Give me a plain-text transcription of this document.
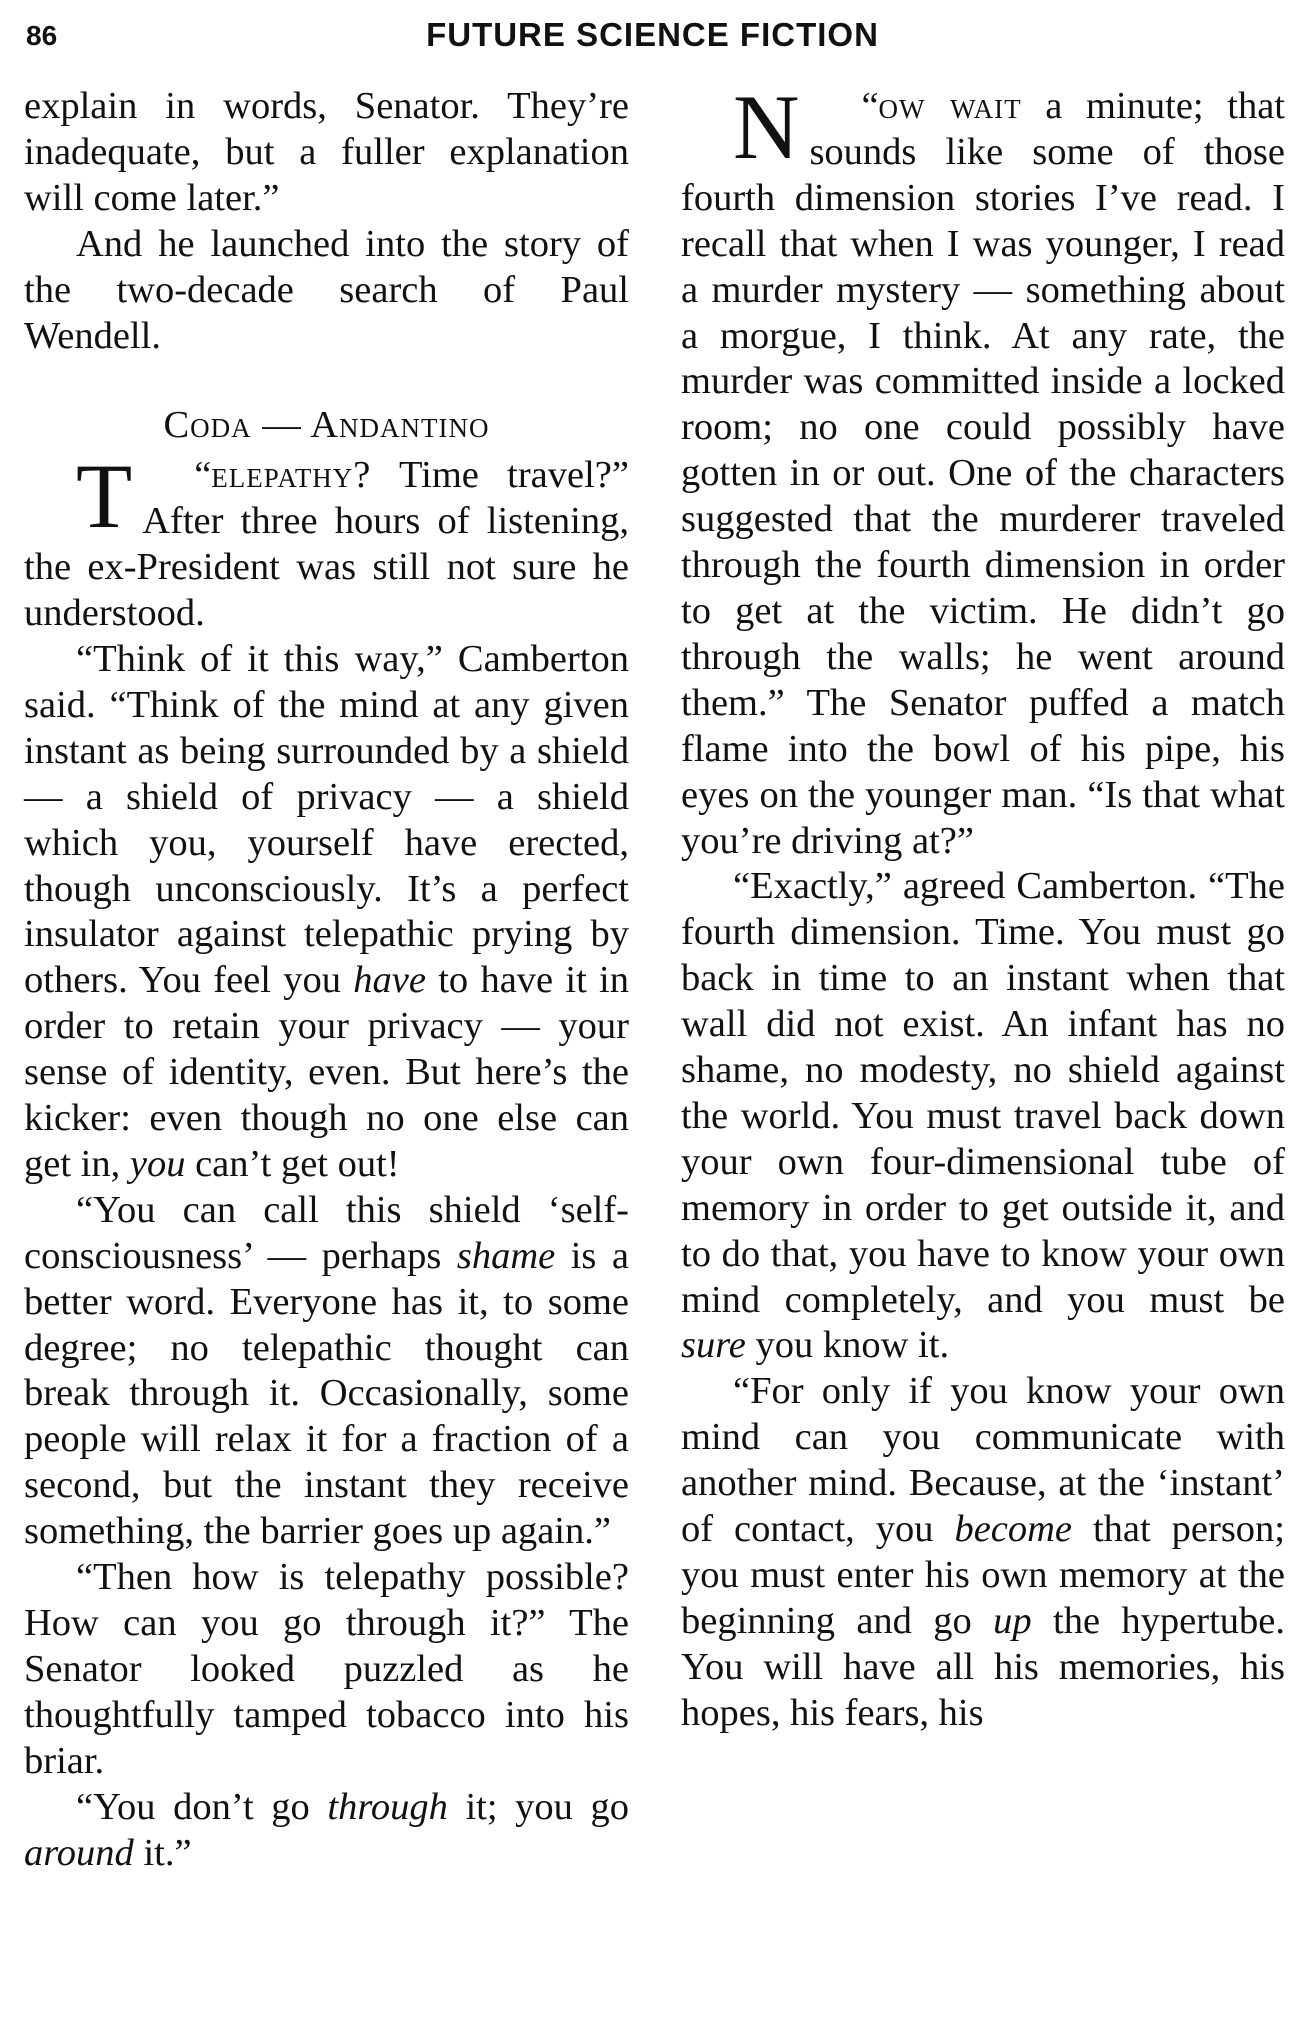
86	FUTURE SCIENCE FICTION

explain in words, Senator. They’re inadequate, but a fuller explanation will come later.”

And he launched into the story of the two-decade search of Paul Wendell.

Coda — Andantino

“
T elepathy? Time travel?” After three hours of listening, the ex-President was still not sure he understood.

“Think of it this way,” Camberton said. “Think of the mind at any given instant as being surrounded by a shield — a shield of privacy — a shield which you, yourself have erected, though unconsciously. It’s a perfect insulator against telepathic prying by others. You feel you have to have it in order to retain your privacy — your sense of identity, even. But here’s the kicker: even though no one else can get in, you can’t get out!

“You can call this shield ‘self-consciousness’ — perhaps shame is a better word. Everyone has it, to some degree; no telepathic thought can break through it. Occasionally, some people will relax it for a fraction of a second, but the instant they receive something, the barrier goes up again.”

“Then how is telepathy possible? How can you go through it?” The Senator looked puzzled as he thoughtfully tamped tobacco into his briar.

“You don’t go through it; you go around it.”

“
N ow wait a minute; that sounds like some of those fourth dimension stories I’ve read. I recall that when I was younger, I read a murder mystery — something about a morgue, I think. At any rate, the murder was committed inside a locked room; no one could possibly have gotten in or out. One of the characters suggested that the murderer traveled through the fourth dimension in order to get at the victim. He didn’t go through the walls; he went around them.” The Senator puffed a match flame into the bowl of his pipe, his eyes on the younger man. “Is that what you’re driving at?”

“Exactly,” agreed Camberton. “The fourth dimension. Time. You must go back in time to an instant when that wall did not exist. An infant has no shame, no modesty, no shield against the world. You must travel back down your own four-dimensional tube of memory in order to get outside it, and to do that, you have to know your own mind completely, and you must be sure you know it.

“For only if you know your own mind can you communicate with another mind. Because, at the ‘instant’ of contact, you become that person; you must enter his own memory at the beginning and go up the hypertube. You will have all his memories, his hopes, his fears, his
